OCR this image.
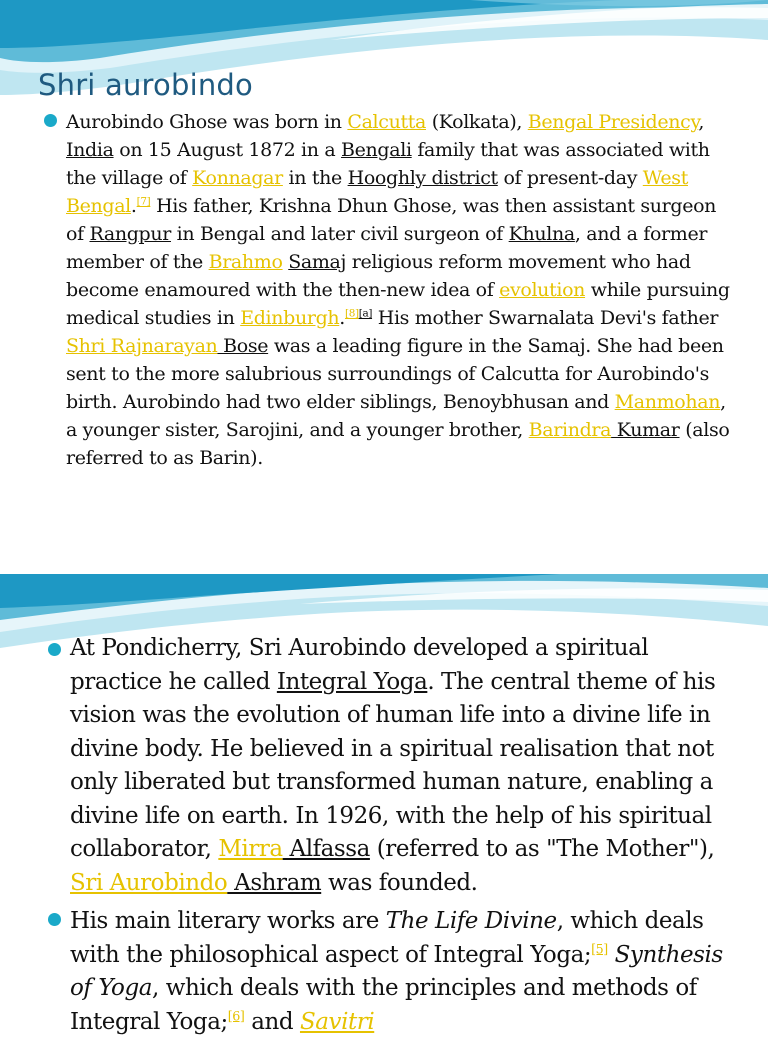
Shri aurobindo

Aurobindo Ghose was born in Calcutta (Kolkata), Bengal Presidency, India on 15 August 1872 in a Bengali family that was associated with the village of Konnagar in the Hooghly district of present-day West Bengal.[7] His father, Krishna Dhun Ghose, was then assistant surgeon of Rangpur in Bengal and later civil surgeon of Khulna, and a former member of the Brahmo Samaj religious reform movement who had become enamoured with the then-new idea of evolution while pursuing medical studies in Edinburgh.[8][a] His mother Swarnalata Devi's father Shri Rajnarayan Bose was a leading figure in the Samaj. She had been sent to the more salubrious surroundings of Calcutta for Aurobindo's birth. Aurobindo had two elder siblings, Benoybhusan and Manmohan, a younger sister, Sarojini, and a younger brother, Barindra Kumar (also referred to as Barin).

At Pondicherry, Sri Aurobindo developed a spiritual practice he called Integral Yoga. The central theme of his vision was the evolution of human life into a divine life in divine body. He believed in a spiritual realisation that not only liberated but transformed human nature, enabling a divine life on earth. In 1926, with the help of his spiritual collaborator, Mirra Alfassa (referred to as "The Mother"), Sri Aurobindo Ashram was founded.

His main literary works are The Life Divine, which deals with the philosophical aspect of Integral Yoga;[5] Synthesis of Yoga, which deals with the principles and methods of Integral Yoga;[6] and Savitri
